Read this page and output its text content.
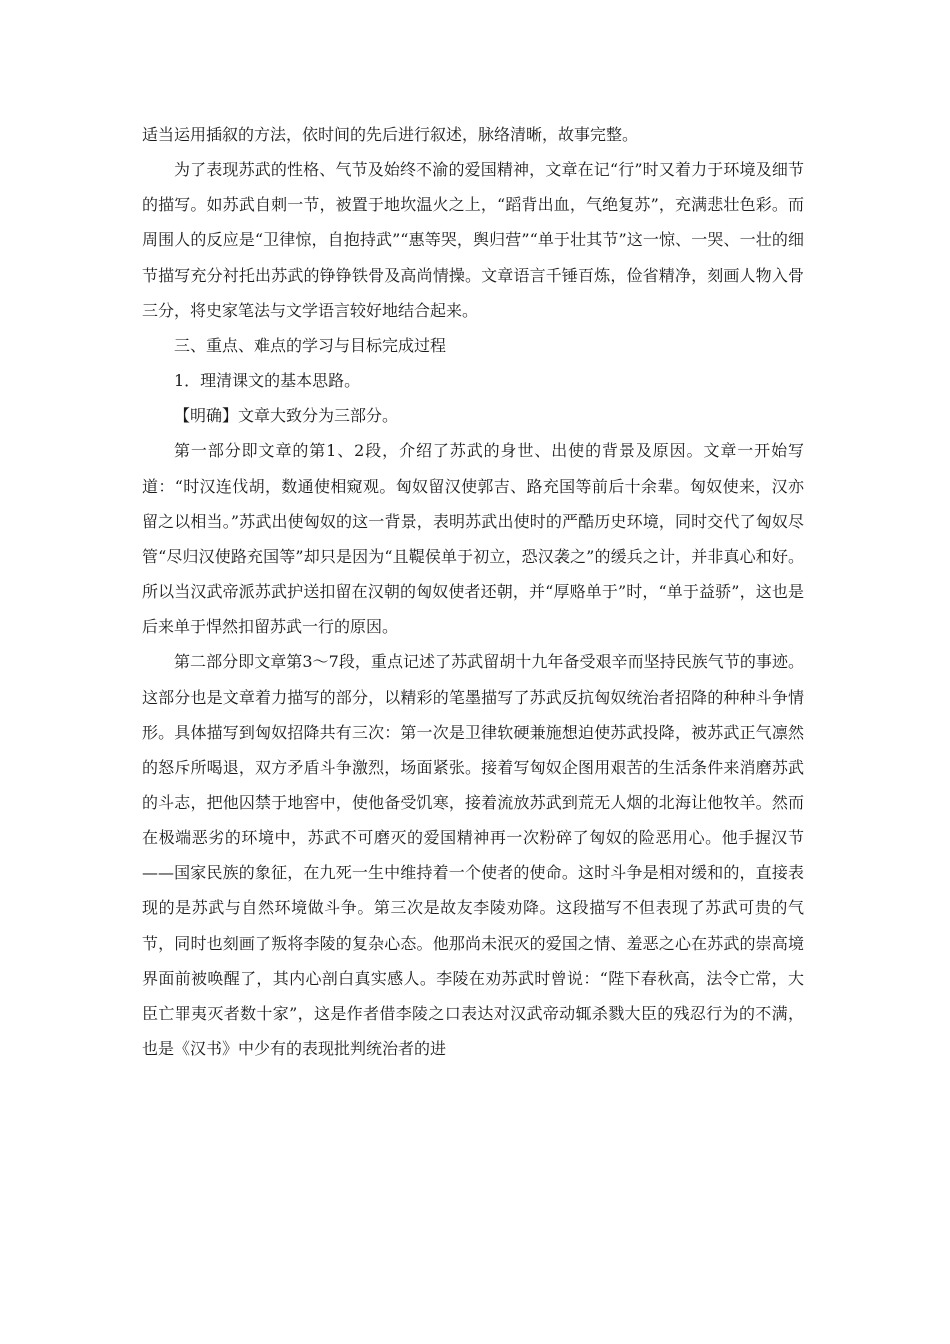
适当运用插叙的方法，依时间的先后进行叙述，脉络清晰，故事完整。

为了表现苏武的性格、气节及始终不渝的爱国精神，文章在记“行”时又着力于环境及细节的描写。如苏武自刺一节，被置于地坎温火之上，“蹈背出血，气绝复苏”，充满悲壮色彩。而周围人的反应是“卫律惊，自抱持武”“惠等哭，舆归营”“单于壮其节”这一惊、一哭、一壮的细节描写充分衬托出苏武的铮铮铁骨及高尚情操。文章语言千锤百炼，俭省精净，刻画人物入骨三分，将史家笔法与文学语言较好地结合起来。

三、重点、难点的学习与目标完成过程

1．理清课文的基本思路。

【明确】文章大致分为三部分。

第一部分即文章的第1、2段，介绍了苏武的身世、出使的背景及原因。文章一开始写道：“时汉连伐胡，数通使相窥观。匈奴留汉使郭吉、路充国等前后十余辈。匈奴使来，汉亦留之以相当。”苏武出使匈奴的这一背景，表明苏武出使时的严酷历史环境，同时交代了匈奴尽管“尽归汉使路充国等”却只是因为“且鞮侯单于初立，恐汉袭之”的缓兵之计，并非真心和好。所以当汉武帝派苏武护送扣留在汉朝的匈奴使者还朝，并“厚赂单于”时，“单于益骄”，这也是后来单于悍然扣留苏武一行的原因。

第二部分即文章第3～7段，重点记述了苏武留胡十九年备受艰辛而坚持民族气节的事迹。这部分也是文章着力描写的部分，以精彩的笔墨描写了苏武反抗匈奴统治者招降的种种斗争情形。具体描写到匈奴招降共有三次：第一次是卫律软硬兼施想迫使苏武投降，被苏武正气凛然的怒斥所喝退，双方矛盾斗争激烈，场面紧张。接着写匈奴企图用艰苦的生活条件来消磨苏武的斗志，把他囚禁于地窖中，使他备受饥寒，接着流放苏武到荒无人烟的北海让他牧羊。然而在极端恶劣的环境中，苏武不可磨灭的爱国精神再一次粉碎了匈奴的险恶用心。他手握汉节——国家民族的象征，在九死一生中维持着一个使者的使命。这时斗争是相对缓和的，直接表现的是苏武与自然环境做斗争。第三次是故友李陵劝降。这段描写不但表现了苏武可贵的气节，同时也刻画了叛将李陵的复杂心态。他那尚未泯灭的爱国之情、羞恶之心在苏武的崇高境界面前被唤醒了，其内心剖白真实感人。李陵在劝苏武时曾说：“陛下春秋高，法令亡常，大臣亡罪夷灭者数十家”，这是作者借李陵之口表达对汉武帝动辄杀戮大臣的残忍行为的不满，也是《汉书》中少有的表现批判统治者的进
